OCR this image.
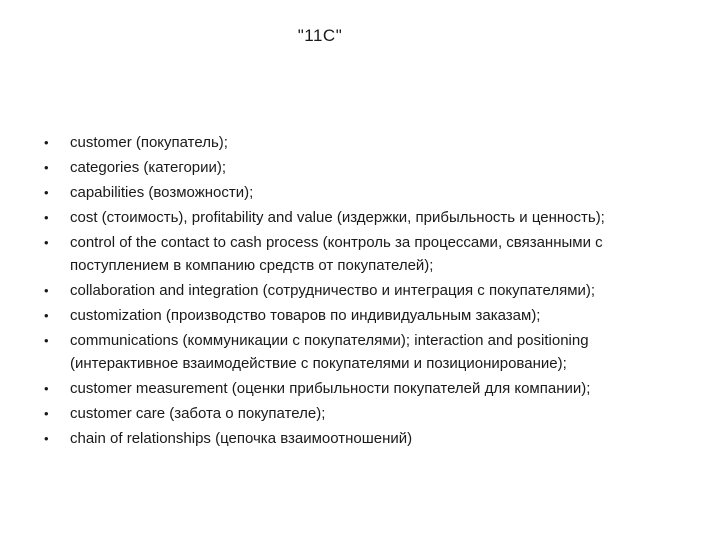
"11C"
• customer (покупатель);
• categories (категории);
• capabilities (возможности);
• cost (стоимость), profitability and value (издержки, прибыльность и ценность);
• control of the contact to cash process (контроль за процессами, связанными с поступлением в компанию средств от покупателей);
• collaboration and integration (сотрудничество и интеграция с покупателями);
• customization (производство товаров по индивидуальным заказам);
• communications (коммуникации с покупателями); interaction and positioning (интерактивное взаимодействие с покупателями и позиционирование);
• customer measurement (оценки прибыльности покупателей для компании);
• customer care (забота о покупателе);
• chain of relationships (цепочка взаимоотношений)
